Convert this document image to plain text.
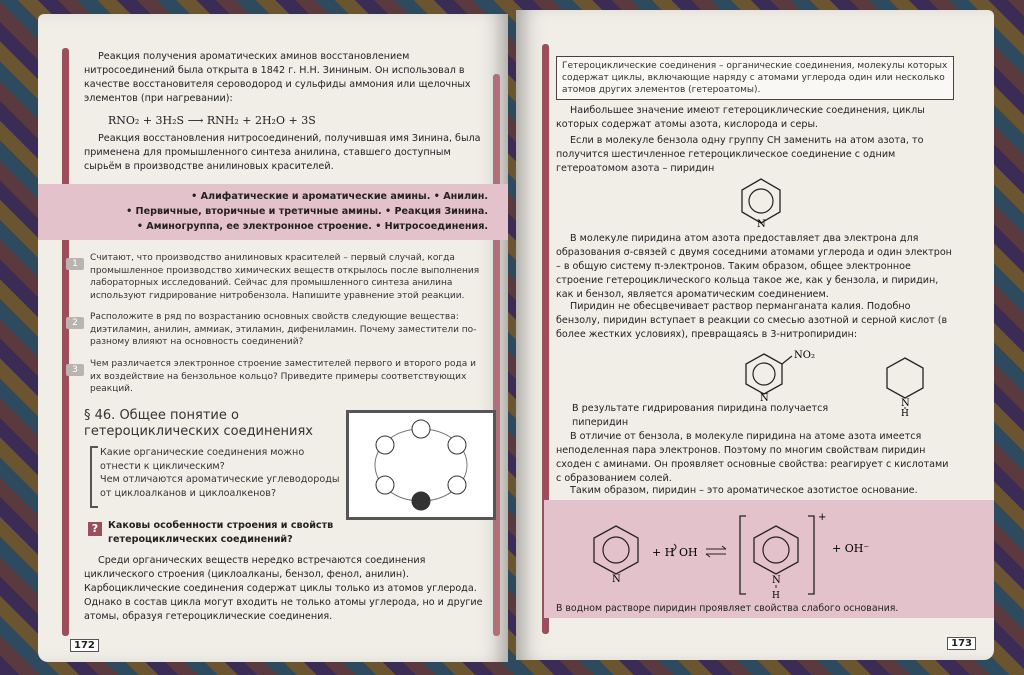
Реакция получения ароматических аминов восстановлением нитросоединений была открыта в 1842 г. Н.Н. Зининым. Он использовал в качестве восстановителя сероводород и сульфиды аммония или щелочных элементов (при нагревании):
RNO₂ + 3H₂S ⟶ RNH₂ + 2H₂O + 3S
Реакция восстановления нитросоединений, получившая имя Зинина, была применена для промышленного синтеза анилина, ставшего доступным сырьём в производстве анилиновых красителей.
• Алифатические и ароматические амины. • Анилин.
• Первичные, вторичные и третичные амины. • Реакция Зинина.
• Аминогруппа, ее электронное строение. • Нитросоединения.
1
Считают, что производство анилиновых красителей – первый случай, когда промышленное производство химических веществ открылось после выполнения лабораторных исследований. Сейчас для промышленного синтеза анилина используют гидрирование нитробензола. Напишите уравнение этой реакции.
2
Расположите в ряд по возрастанию основных свойств следующие вещества: диэтиламин, анилин, аммиак, этиламин, дифениламин. Почему заместители по-разному влияют на основность соединений?
3
Чем различается электронное строение заместителей первого и второго рода и их воздействие на бензольное кольцо? Приведите примеры соответствующих реакций.
§ 46. Общее понятие о гетероциклических соединениях
Какие органические соединения можно отнести к циклическим?
Чем отличаются ароматические углеводороды от циклоалканов и циклоалкенов?
?	Каковы особенности строения и свойств гетероциклических соединений?
Среди органических веществ нередко встречаются соединения циклического строения (циклоалканы, бензол, фенол, анилин). Карбоциклические соединения содержат циклы только из атомов углерода. Однако в состав цикла могут входить не только атомы углерода, но и другие атомы, образуя гетероциклические соединения.
172
Гетероциклические соединения – органические соединения, молекулы которых содержат циклы, включающие наряду с атомами углерода один или несколько атомов других элементов (гетероатомы).
Наибольшее значение имеют гетероциклические соединения, циклы которых содержат атомы азота, кислорода и серы.
Если в молекуле бензола одну группу CH заменить на атом азота, то получится шестичленное гетероциклическое соединение с одним гетероатомом азота – пиридин
N
В молекуле пиридина атом азота предоставляет два электрона для образования σ-связей с двумя соседними атомами углерода и один электрон – в общую систему π-электронов. Таким образом, общее электронное строение гетероциклического кольца такое же, как у бензола, и пиридин, как и бензол, является ароматическим соединением.
Пиридин не обесцвечивает раствор перманганата калия. Подобно бензолу, пиридин вступает в реакции со смесью азотной и серной кислот (в более жестких условиях), превращаясь в 3-нитропиридин:
NO₂
N	N
H
В результате гидрирования пиридина получается пиперидин
В отличие от бензола, в молекуле пиридина на атоме азота имеется неподеленная пара электронов. Поэтому по многим свойствам пиридин сходен с аминами. Он проявляет основные свойства: реагирует с кислотами с образованием солей.
Таким образом, пиридин – это ароматическое азотистое основание.
N
+ H OH
N
H
+
+ OH⁻
В водном растворе пиридин проявляет свойства слабого основания.
173
